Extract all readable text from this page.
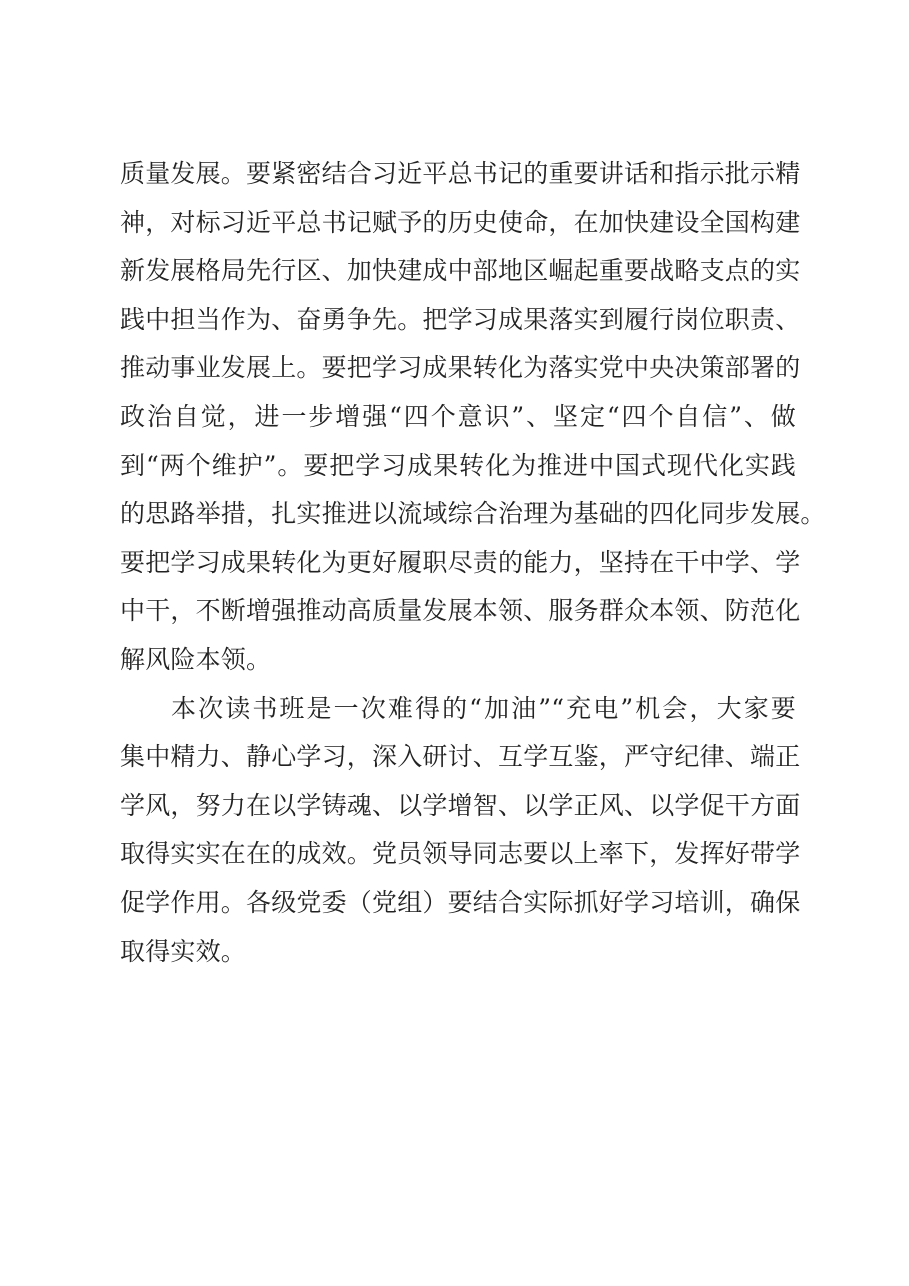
质量发展。要紧密结合习近平总书记的重要讲话和指示批示精
神，对标习近平总书记赋予的历史使命，在加快建设全国构建
新发展格局先行区、加快建成中部地区崛起重要战略支点的实
践中担当作为、奋勇争先。把学习成果落实到履行岗位职责、
推动事业发展上。要把学习成果转化为落实党中央决策部署的
政治自觉，进一步增强“四个意识”、坚定“四个自信”、做
到“两个维护”。要把学习成果转化为推进中国式现代化实践
的思路举措，扎实推进以流域综合治理为基础的四化同步发展。
要把学习成果转化为更好履职尽责的能力，坚持在干中学、学
中干，不断增强推动高质量发展本领、服务群众本领、防范化
解风险本领。
本次读书班是一次难得的“加油”“充电”机会，大家要
集中精力、静心学习，深入研讨、互学互鉴，严守纪律、端正
学风，努力在以学铸魂、以学增智、以学正风、以学促干方面
取得实实在在的成效。党员领导同志要以上率下，发挥好带学
促学作用。各级党委（党组）要结合实际抓好学习培训，确保
取得实效。
